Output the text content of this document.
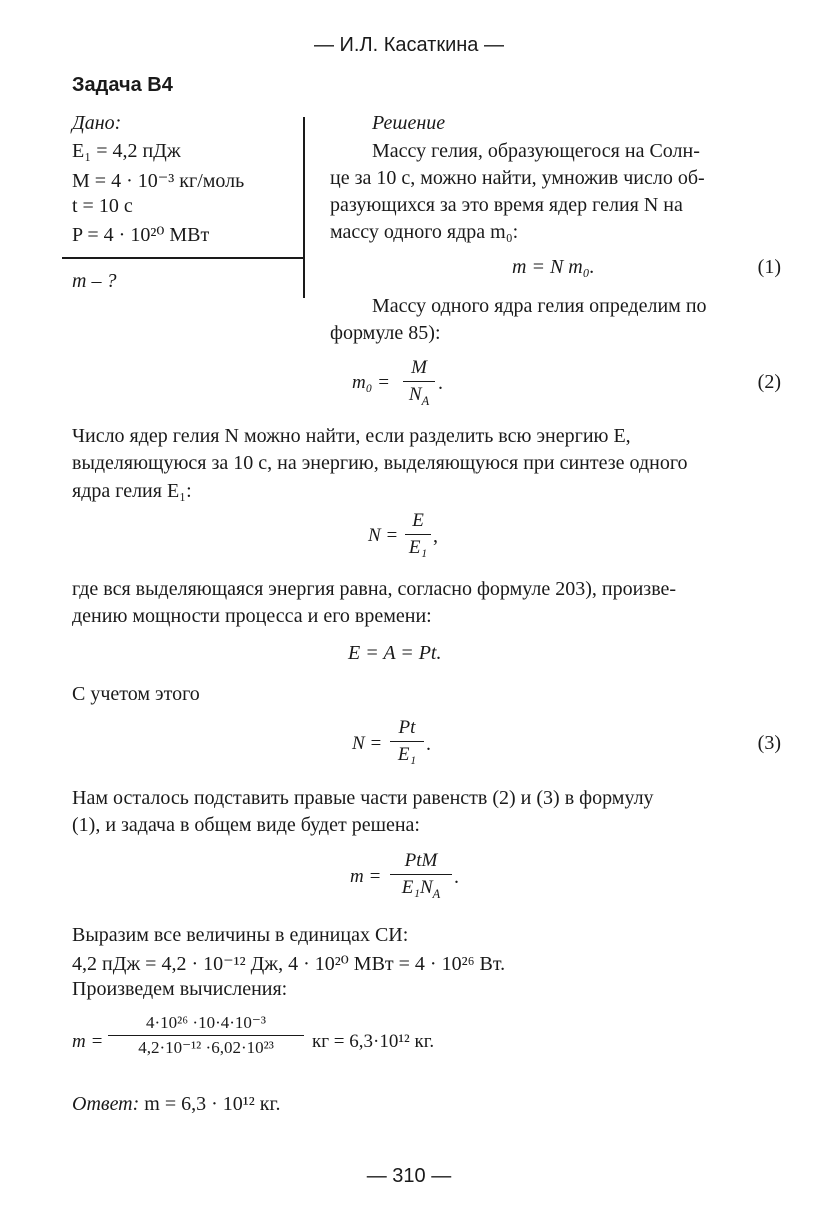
— И.Л. Касаткина —
Задача В4
Дано:
E₁ = 4,2 пДж
M = 4 · 10⁻³ кг/моль
t = 10 с
P = 4 · 10²⁰ МВт
m – ?
Решение
Массу гелия, образующегося на Солн-
це за 10 с, можно найти, умножив число об-
разующихся за это время ядер гелия N на
массу одного ядра m₀:
m = N m₀.	(1)
Массу одного ядра гелия определим по
формуле 85):
m₀ =
M
$N_A$
.	(2)
Число ядер гелия N можно найти, если разделить всю энергию E,
выделяющуюся за 10 с, на энергию, выделяющуюся при синтезе одного
ядра гелия E₁:
N =
E
E₁
,
где вся выделяющаяся энергия равна, согласно формуле 203), произве-
дению мощности процесса и его времени:
E = A = Pt.
С учетом этого
N =
Pt
E₁ .	(3)
Нам осталось подставить правые части равенств (2) и (3) в формулу
(1), и задача в общем виде будет решена:
m =
PtM
$E_1N_A$
.
Выразим все величины в единицах СИ:
4,2 пДж = 4,2 · 10⁻¹² Дж, 4 · 10²⁰ МВт = 4 · 10²⁶ Вт.
Произведем вычисления:
m =
4·10²⁶ ·10·4·10⁻³
4,2·10⁻¹² ·6,02·10²³	кг = 6,3·10¹² кг.
Ответ: m = 6,3 · 10¹² кг.
— 310 —
